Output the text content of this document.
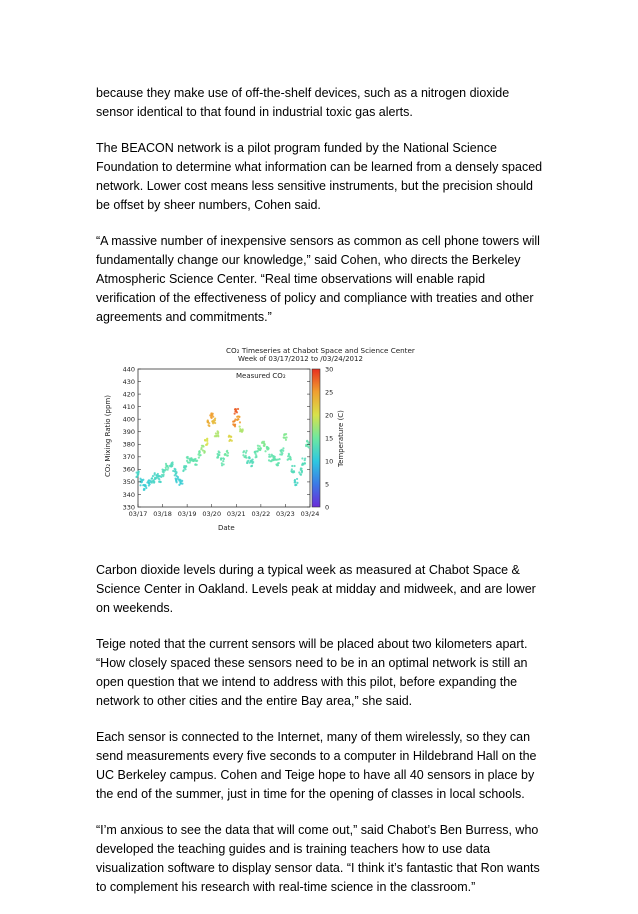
because they make use of off-the-shelf devices, such as a nitrogen dioxide sensor identical to that found in industrial toxic gas alerts.

The BEACON network is a pilot program funded by the National Science Foundation to determine what information can be learned from a densely spaced network. Lower cost means less sensitive instruments, but the precision should be offset by sheer numbers, Cohen said.

“A massive number of inexpensive sensors as common as cell phone towers will fundamentally change our knowledge,” said Cohen, who directs the Berkeley Atmospheric Science Center. “Real time observations will enable rapid verification of the effectiveness of policy and compliance with treaties and other agreements and commitments.”

CO₂ Timeseries at Chabot Space and Science Center
Week of 03/17/2012 to /03/24/2012
330
340
350
360
370
380
390
400
410
420
430
440
03/17 03/18 03/19 03/20 03/21 03/22 03/23 03/24
Measured CO₂
Date
CO₂ Mixing Ratio (ppm)
0
5
10
15
20
25
30
Temperature (C)

Carbon dioxide levels during a typical week as measured at Chabot Space & Science Center in Oakland. Levels peak at midday and midweek, and are lower on weekends.

Teige noted that the current sensors will be placed about two kilometers apart. “How closely spaced these sensors need to be in an optimal network is still an open question that we intend to address with this pilot, before expanding the network to other cities and the entire Bay area,” she said.

Each sensor is connected to the Internet, many of them wirelessly, so they can send measurements every five seconds to a computer in Hildebrand Hall on the UC Berkeley campus. Cohen and Teige hope to have all 40 sensors in place by the end of the summer, just in time for the opening of classes in local schools.

“I’m anxious to see the data that will come out,” said Chabot’s Ben Burress, who developed the teaching guides and is training teachers how to use data visualization software to display sensor data. “I think it’s fantastic that Ron wants to complement his research with real-time science in the classroom.”
